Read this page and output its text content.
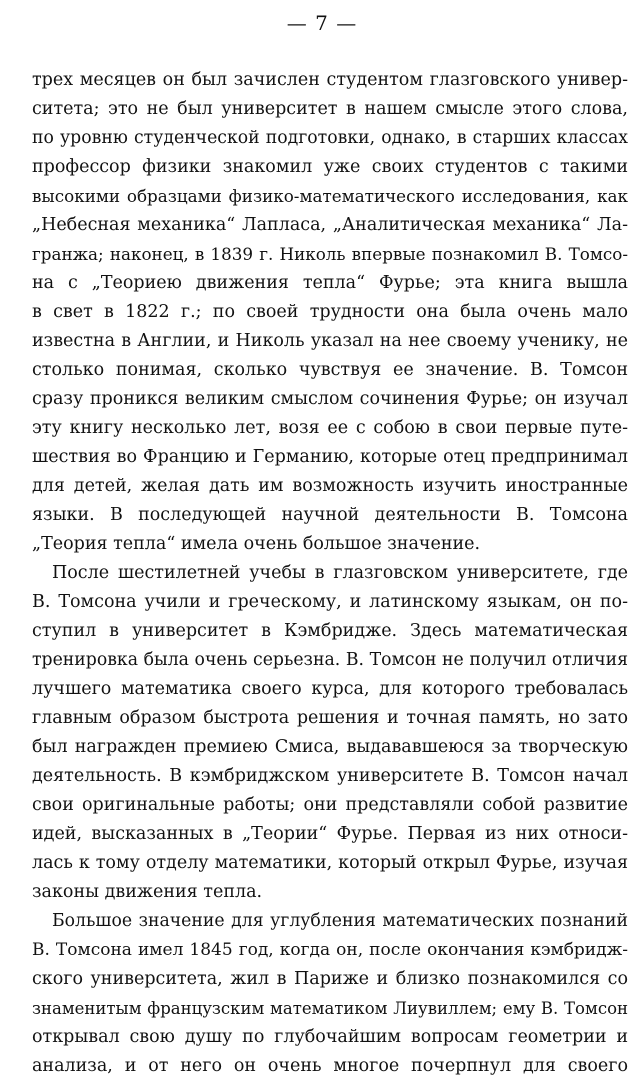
— 7 —
трех месяцев он был зачислен студентом глазговского универ-
ситета; это не был университет в нашем смысле этого слова,
по уровню студенческой подготовки, однако, в старших классах
профессор физики знакомил уже своих студентов с такими
высокими образцами физико-математического исследования, как
„Небесная механика“ Лапласа, „Аналитическая механика“ Ла-
гранжа; наконец, в 1839 г. Николь впервые познакомил В. Томсо-
на с „Теориею движения тепла“ Фурье; эта книга вышла
в свет в 1822 г.; по своей трудности она была очень мало
известна в Англии, и Николь указал на нее своему ученику, не
столько понимая, сколько чувствуя ее значение. В. Томсон
сразу проникся великим смыслом сочинения Фурье; он изучал
эту книгу несколько лет, возя ее с собою в свои первые путе-
шествия во Францию и Германию, которые отец предпринимал
для детей, желая дать им возможность изучить иностранные
языки. В последующей научной деятельности В. Томсона
„Теория тепла“ имела очень большое значение.
После шестилетней учебы в глазговском университете, где
В. Томсона учили и греческому, и латинскому языкам, он по-
ступил в университет в Кэмбридже. Здесь математическая
тренировка была очень серьезна. В. Томсон не получил отличия
лучшего математика своего курса, для которого требовалась
главным образом быстрота решения и точная память, но зато
был награжден премиею Смиса, выдававшеюся за творческую
деятельность. В кэмбриджском университете В. Томсон начал
свои оригинальные работы; они представляли собой развитие
идей, высказанных в „Теории“ Фурье. Первая из них относи-
лась к тому отделу математики, который открыл Фурье, изучая
законы движения тепла.
Большое значение для углубления математических познаний
В. Томсона имел 1845 год, когда он, после окончания кэмбридж-
ского университета, жил в Париже и близко познакомился со
знаменитым французским математиком Лиувиллем; ему В. Томсон
открывал свою душу по глубочайшим вопросам геометрии и
анализа, и от него он очень многое почерпнул для своего
